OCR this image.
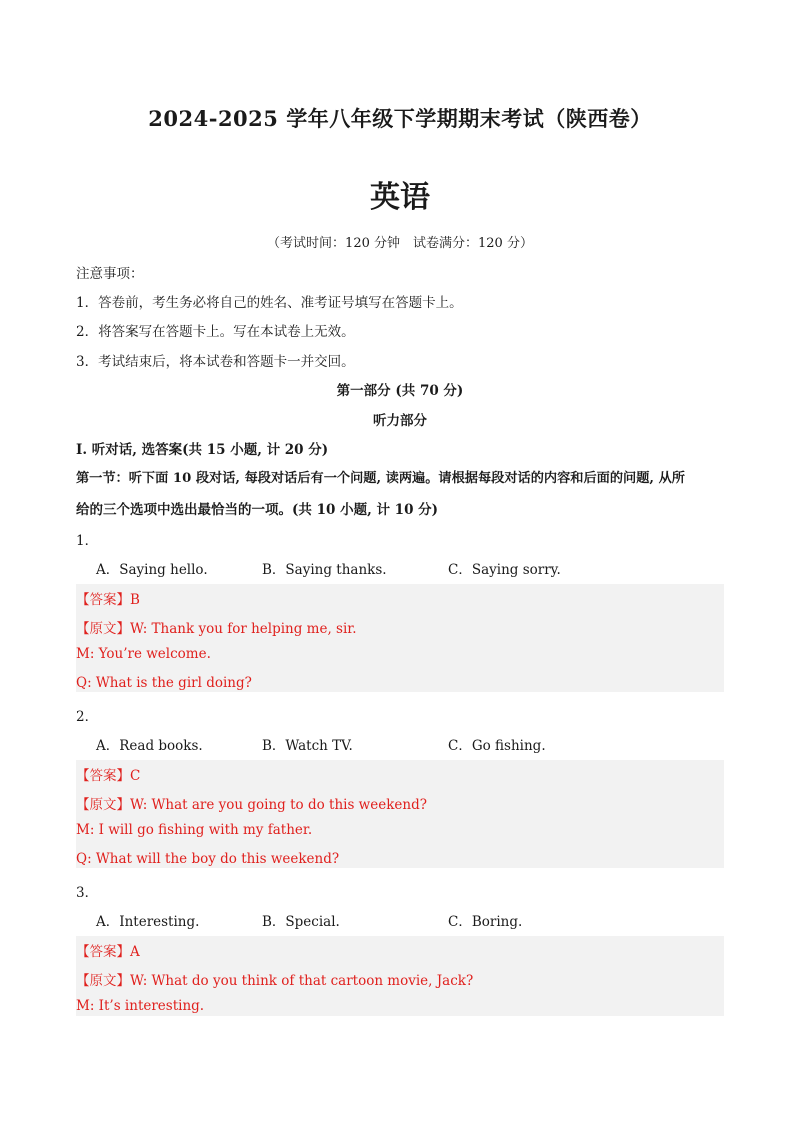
2024-2025 学年八年级下学期期末考试（陕西卷）
英语
（考试时间：120 分钟　试卷满分：120 分）
注意事项：
1．答卷前，考生务必将自己的姓名、准考证号填写在答题卡上。
2．将答案写在答题卡上。写在本试卷上无效。
3．考试结束后，将本试卷和答题卡一并交回。
第一部分 (共 70 分)
听力部分
I. 听对话, 选答案(共 15 小题, 计 20 分)
第一节：听下面 10 段对话, 每段对话后有一个问题, 读两遍。请根据每段对话的内容和后面的问题, 从所
给的三个选项中选出最恰当的一项。(共 10 小题, 计 10 分)
1．
A．Saying hello.	B．Saying thanks.	C．Saying sorry.
【答案】B
【原文】W: Thank you for helping me, sir.
M: You’re welcome.
Q: What is the girl doing?
2．
A．Read books.	B．Watch TV.	C．Go fishing.
【答案】C
【原文】W: What are you going to do this weekend?
M: I will go fishing with my father.
Q: What will the boy do this weekend?
3．
A．Interesting.	B．Special.	C．Boring.
【答案】A
【原文】W: What do you think of that cartoon movie, Jack?
M: It’s interesting.
